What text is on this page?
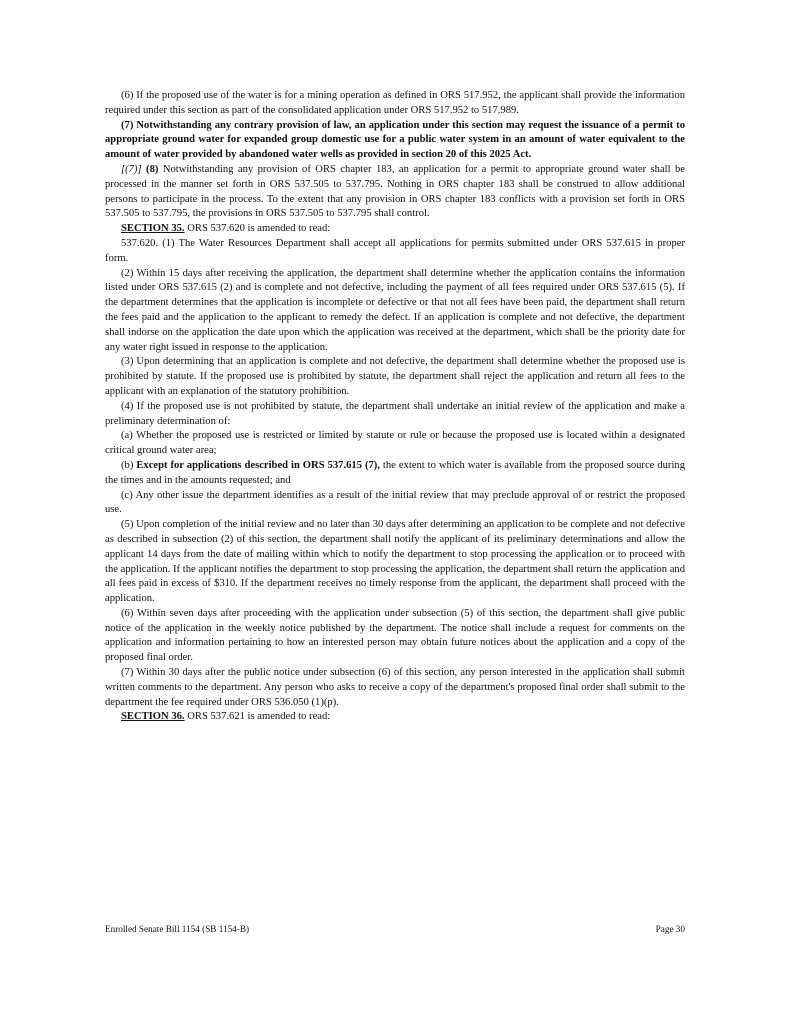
(6) If the proposed use of the water is for a mining operation as defined in ORS 517.952, the applicant shall provide the information required under this section as part of the consolidated application under ORS 517.952 to 517.989.

(7) Notwithstanding any contrary provision of law, an application under this section may request the issuance of a permit to appropriate ground water for expanded group domestic use for a public water system in an amount of water equivalent to the amount of water provided by abandoned water wells as provided in section 20 of this 2025 Act.

[(7)] (8) Notwithstanding any provision of ORS chapter 183, an application for a permit to appropriate ground water shall be processed in the manner set forth in ORS 537.505 to 537.795. Nothing in ORS chapter 183 shall be construed to allow additional persons to participate in the process. To the extent that any provision in ORS chapter 183 conflicts with a provision set forth in ORS 537.505 to 537.795, the provisions in ORS 537.505 to 537.795 shall control.

SECTION 35. ORS 537.620 is amended to read:

537.620. (1) The Water Resources Department shall accept all applications for permits submitted under ORS 537.615 in proper form.

(2) Within 15 days after receiving the application, the department shall determine whether the application contains the information listed under ORS 537.615 (2) and is complete and not defective, including the payment of all fees required under ORS 537.615 (5). If the department determines that the application is incomplete or defective or that not all fees have been paid, the department shall return the fees paid and the application to the applicant to remedy the defect. If an application is complete and not defective, the department shall indorse on the application the date upon which the application was received at the department, which shall be the priority date for any water right issued in response to the application.

(3) Upon determining that an application is complete and not defective, the department shall determine whether the proposed use is prohibited by statute. If the proposed use is prohibited by statute, the department shall reject the application and return all fees to the applicant with an explanation of the statutory prohibition.

(4) If the proposed use is not prohibited by statute, the department shall undertake an initial review of the application and make a preliminary determination of:

(a) Whether the proposed use is restricted or limited by statute or rule or because the proposed use is located within a designated critical ground water area;

(b) Except for applications described in ORS 537.615 (7), the extent to which water is available from the proposed source during the times and in the amounts requested; and

(c) Any other issue the department identifies as a result of the initial review that may preclude approval of or restrict the proposed use.

(5) Upon completion of the initial review and no later than 30 days after determining an application to be complete and not defective as described in subsection (2) of this section, the department shall notify the applicant of its preliminary determinations and allow the applicant 14 days from the date of mailing within which to notify the department to stop processing the application or to proceed with the application. If the applicant notifies the department to stop processing the application, the department shall return the application and all fees paid in excess of $310. If the department receives no timely response from the applicant, the department shall proceed with the application.

(6) Within seven days after proceeding with the application under subsection (5) of this section, the department shall give public notice of the application in the weekly notice published by the department. The notice shall include a request for comments on the application and information pertaining to how an interested person may obtain future notices about the application and a copy of the proposed final order.

(7) Within 30 days after the public notice under subsection (6) of this section, any person interested in the application shall submit written comments to the department. Any person who asks to receive a copy of the department's proposed final order shall submit to the department the fee required under ORS 536.050 (1)(p).

SECTION 36. ORS 537.621 is amended to read:

Enrolled Senate Bill 1154 (SB 1154-B)	Page 30
